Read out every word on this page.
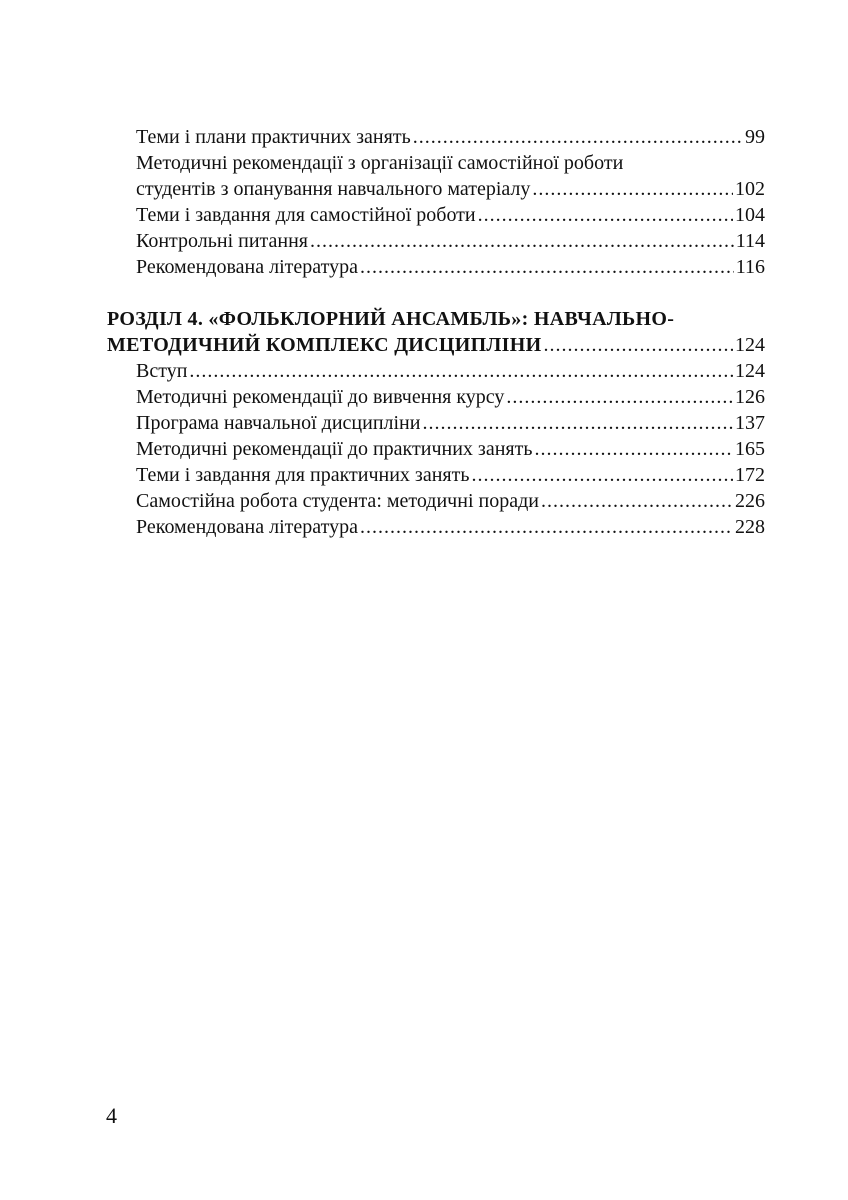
Теми і плани практичних занять .....	99
Методичні рекомендації з організації самостійної роботи
студентів з опанування навчального матеріалу .....	102
Теми і завдання для самостійної роботи .....	104
Контрольні питання .....	114
Рекомендована література .....	116
РОЗДІЛ 4. «ФОЛЬКЛОРНИЙ АНСАМБЛЬ»: НАВЧАЛЬНО-
МЕТОДИЧНИЙ КОМПЛЕКС ДИСЦИПЛІНИ .....	124
Вступ .....	124
Методичні рекомендації до вивчення курсу .....	126
Програма навчальної дисципліни .....	137
Методичні рекомендації до практичних занять .....	165
Теми і завдання для практичних занять .....	172
Самостійна робота студента: методичні поради .....	226
Рекомендована література .....	228
4
